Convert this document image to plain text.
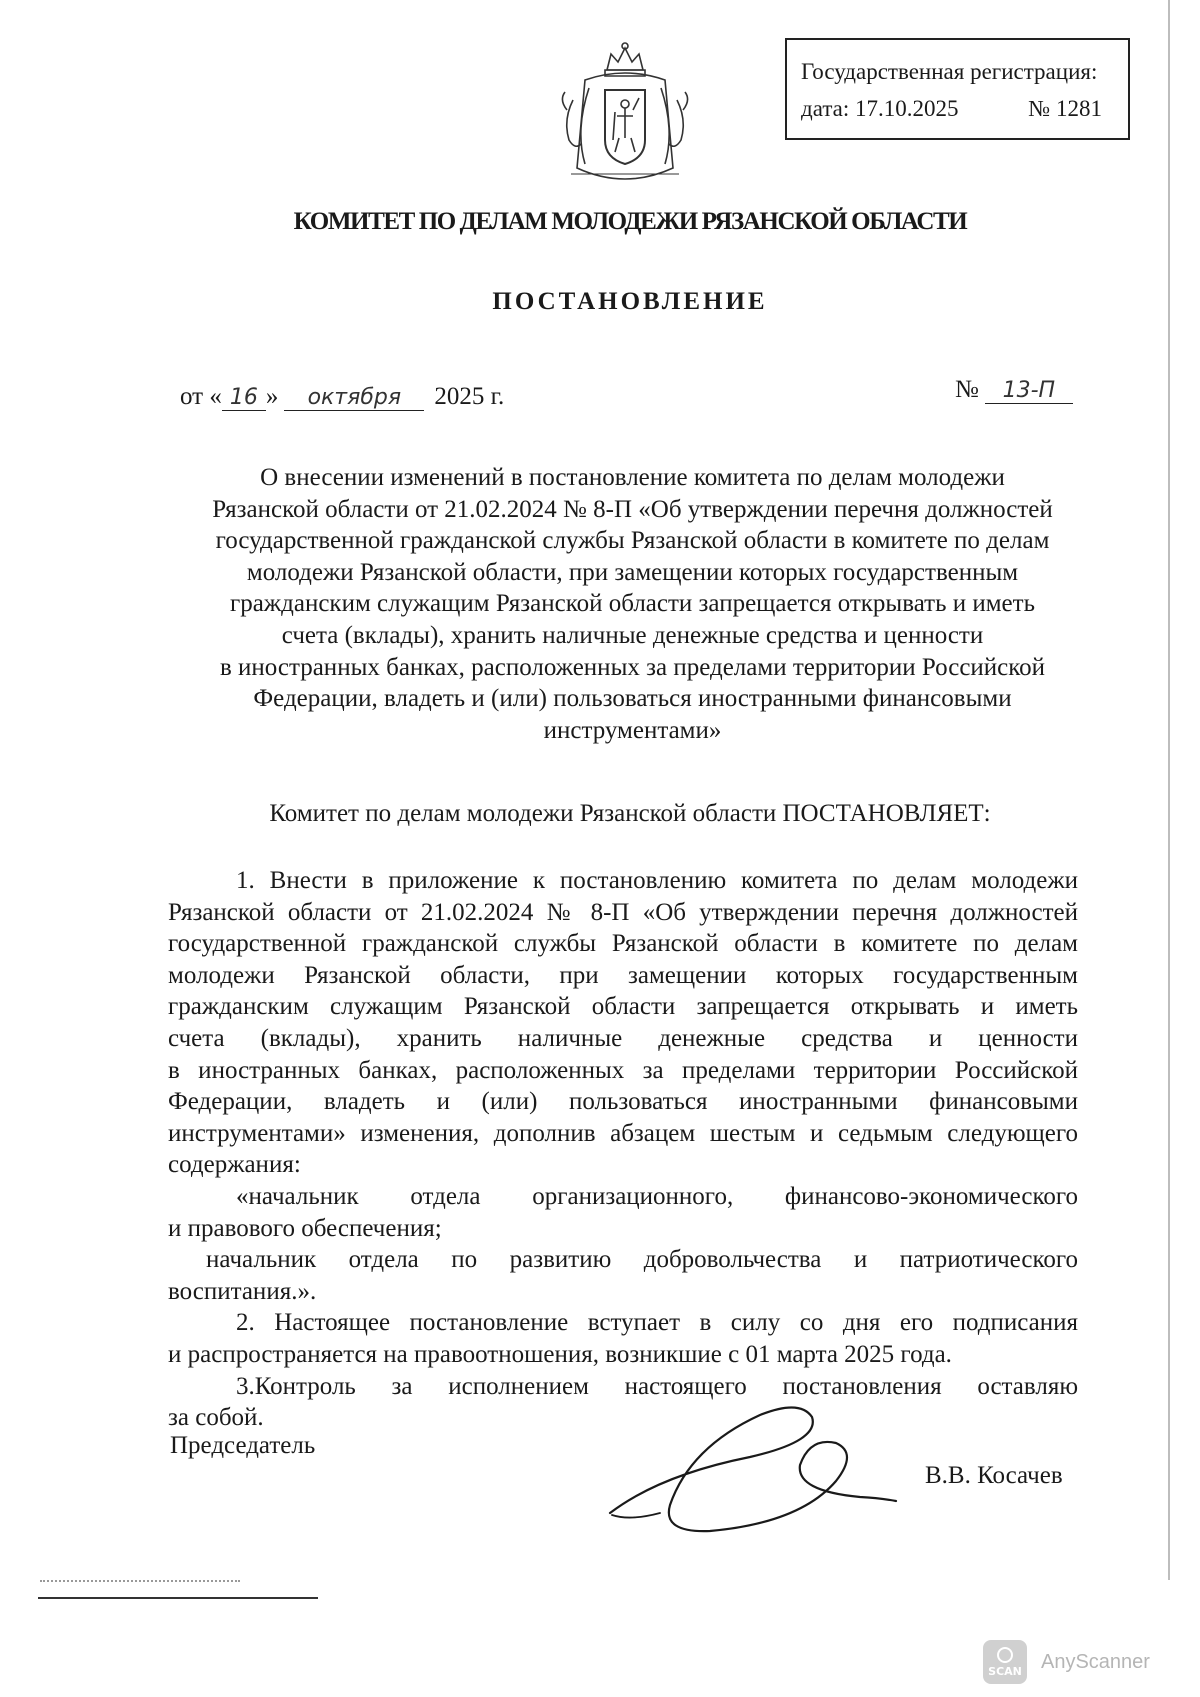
Государственная регистрация:
дата: 17.10.2025	№ 1281
КОМИТЕТ ПО ДЕЛАМ МОЛОДЕЖИ РЯЗАНСКОЙ ОБЛАСТИ
ПОСТАНОВЛЕНИЕ
от « 16 »	октября	2025 г.	№	13-П
О внесении изменений в постановление комитета по делам молодежи
Рязанской области от 21.02.2024 № 8-П «Об утверждении перечня должностей
государственной гражданской службы Рязанской области в комитете по делам
молодежи Рязанской области, при замещении которых государственным
гражданским служащим Рязанской области запрещается открывать и иметь
счета (вклады), хранить наличные денежные средства и ценности
в иностранных банках, расположенных за пределами территории Российской
Федерации, владеть и (или) пользоваться иностранными финансовыми
инструментами»
Комитет по делам молодежи Рязанской области ПОСТАНОВЛЯЕТ:
1. Внести в приложение к постановлению комитета по делам молодежи
Рязанской области от 21.02.2024 № 8-П «Об утверждении перечня должностей
государственной гражданской службы Рязанской области в комитете по делам
молодежи Рязанской области, при замещении которых государственным
гражданским служащим Рязанской области запрещается открывать и иметь
счета (вклады), хранить наличные денежные средства и ценности
в иностранных банках, расположенных за пределами территории Российской
Федерации, владеть и (или) пользоваться иностранными финансовыми
инструментами» изменения, дополнив абзацем шестым и седьмым следующего
содержания:
«начальник отдела организационного, финансово-экономического
и правового обеспечения;
начальник отдела по развитию добровольчества и патриотического
воспитания.».
2. Настоящее постановление вступает в силу со дня его подписания
и распространяется на правоотношения, возникшие с 01 марта 2025 года.
3.Контроль за исполнением настоящего постановления оставляю
за собой.
Председатель
В.В. Косачев
SCAN AnyScanner
